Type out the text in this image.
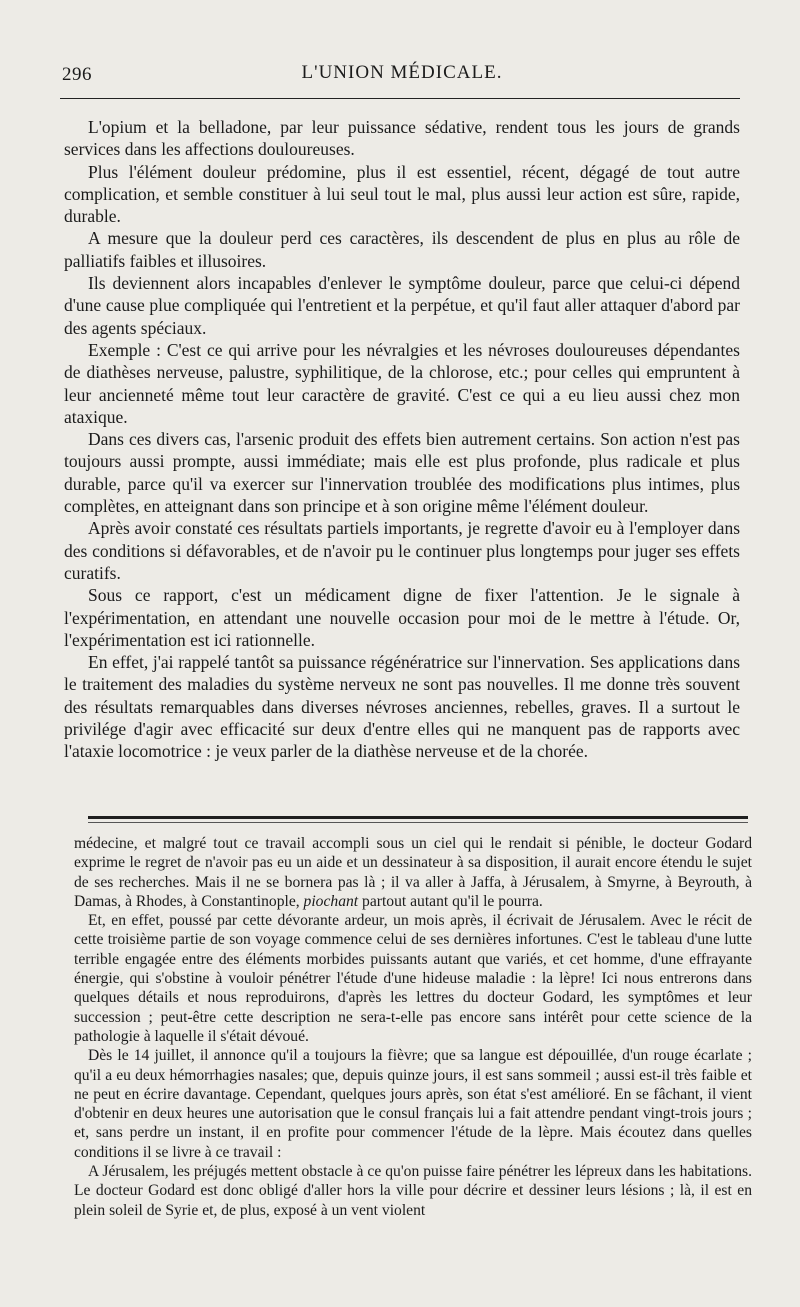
296	L'UNION MÉDICALE.

L'opium et la belladone, par leur puissance sédative, rendent tous les jours de grands services dans les affections douloureuses.

Plus l'élément douleur prédomine, plus il est essentiel, récent, dégagé de tout autre complication, et semble constituer à lui seul tout le mal, plus aussi leur action est sûre, rapide, durable.

A mesure que la douleur perd ces caractères, ils descendent de plus en plus au rôle de palliatifs faibles et illusoires.

Ils deviennent alors incapables d'enlever le symptôme douleur, parce que celui-ci dépend d'une cause plue compliquée qui l'entretient et la perpétue, et qu'il faut aller attaquer d'abord par des agents spéciaux.

Exemple : C'est ce qui arrive pour les névralgies et les névroses douloureuses dépendantes de diathèses nerveuse, palustre, syphilitique, de la chlorose, etc.; pour celles qui empruntent à leur ancienneté même tout leur caractère de gravité. C'est ce qui a eu lieu aussi chez mon ataxique.

Dans ces divers cas, l'arsenic produit des effets bien autrement certains. Son action n'est pas toujours aussi prompte, aussi immédiate; mais elle est plus profonde, plus radicale et plus durable, parce qu'il va exercer sur l'innervation troublée des modifications plus intimes, plus complètes, en atteignant dans son principe et à son origine même l'élément douleur.

Après avoir constaté ces résultats partiels importants, je regrette d'avoir eu à l'employer dans des conditions si défavorables, et de n'avoir pu le continuer plus longtemps pour juger ses effets curatifs.

Sous ce rapport, c'est un médicament digne de fixer l'attention. Je le signale à l'expérimentation, en attendant une nouvelle occasion pour moi de le mettre à l'étude. Or, l'expérimentation est ici rationnelle.

En effet, j'ai rappelé tantôt sa puissance régénératrice sur l'innervation. Ses applications dans le traitement des maladies du système nerveux ne sont pas nouvelles. Il me donne très souvent des résultats remarquables dans diverses névroses anciennes, rebelles, graves. Il a surtout le privilége d'agir avec efficacité sur deux d'entre elles qui ne manquent pas de rapports avec l'ataxie locomotrice : je veux parler de la diathèse nerveuse et de la chorée.

médecine, et malgré tout ce travail accompli sous un ciel qui le rendait si pénible, le docteur Godard exprime le regret de n'avoir pas eu un aide et un dessinateur à sa disposition, il aurait encore étendu le sujet de ses recherches. Mais il ne se bornera pas là ; il va aller à Jaffa, à Jérusalem, à Smyrne, à Beyrouth, à Damas, à Rhodes, à Constantinople, piochant partout autant qu'il le pourra.

Et, en effet, poussé par cette dévorante ardeur, un mois après, il écrivait de Jérusalem. Avec le récit de cette troisième partie de son voyage commence celui de ses dernières infortunes. C'est le tableau d'une lutte terrible engagée entre des éléments morbides puissants autant que variés, et cet homme, d'une effrayante énergie, qui s'obstine à vouloir pénétrer l'étude d'une hideuse maladie : la lèpre! Ici nous entrerons dans quelques détails et nous reproduirons, d'après les lettres du docteur Godard, les symptômes et leur succession ; peut-être cette description ne sera-t-elle pas encore sans intérêt pour cette science de la pathologie à laquelle il s'était dévoué.

Dès le 14 juillet, il annonce qu'il a toujours la fièvre; que sa langue est dépouillée, d'un rouge écarlate ; qu'il a eu deux hémorrhagies nasales; que, depuis quinze jours, il est sans sommeil ; aussi est-il très faible et ne peut en écrire davantage. Cependant, quelques jours après, son état s'est amélioré. En se fâchant, il vient d'obtenir en deux heures une autorisation que le consul français lui a fait attendre pendant vingt-trois jours ; et, sans perdre un instant, il en profite pour commencer l'étude de la lèpre. Mais écoutez dans quelles conditions il se livre à ce travail :

A Jérusalem, les préjugés mettent obstacle à ce qu'on puisse faire pénétrer les lépreux dans les habitations. Le docteur Godard est donc obligé d'aller hors la ville pour décrire et dessiner leurs lésions ; là, il est en plein soleil de Syrie et, de plus, exposé à un vent violent
